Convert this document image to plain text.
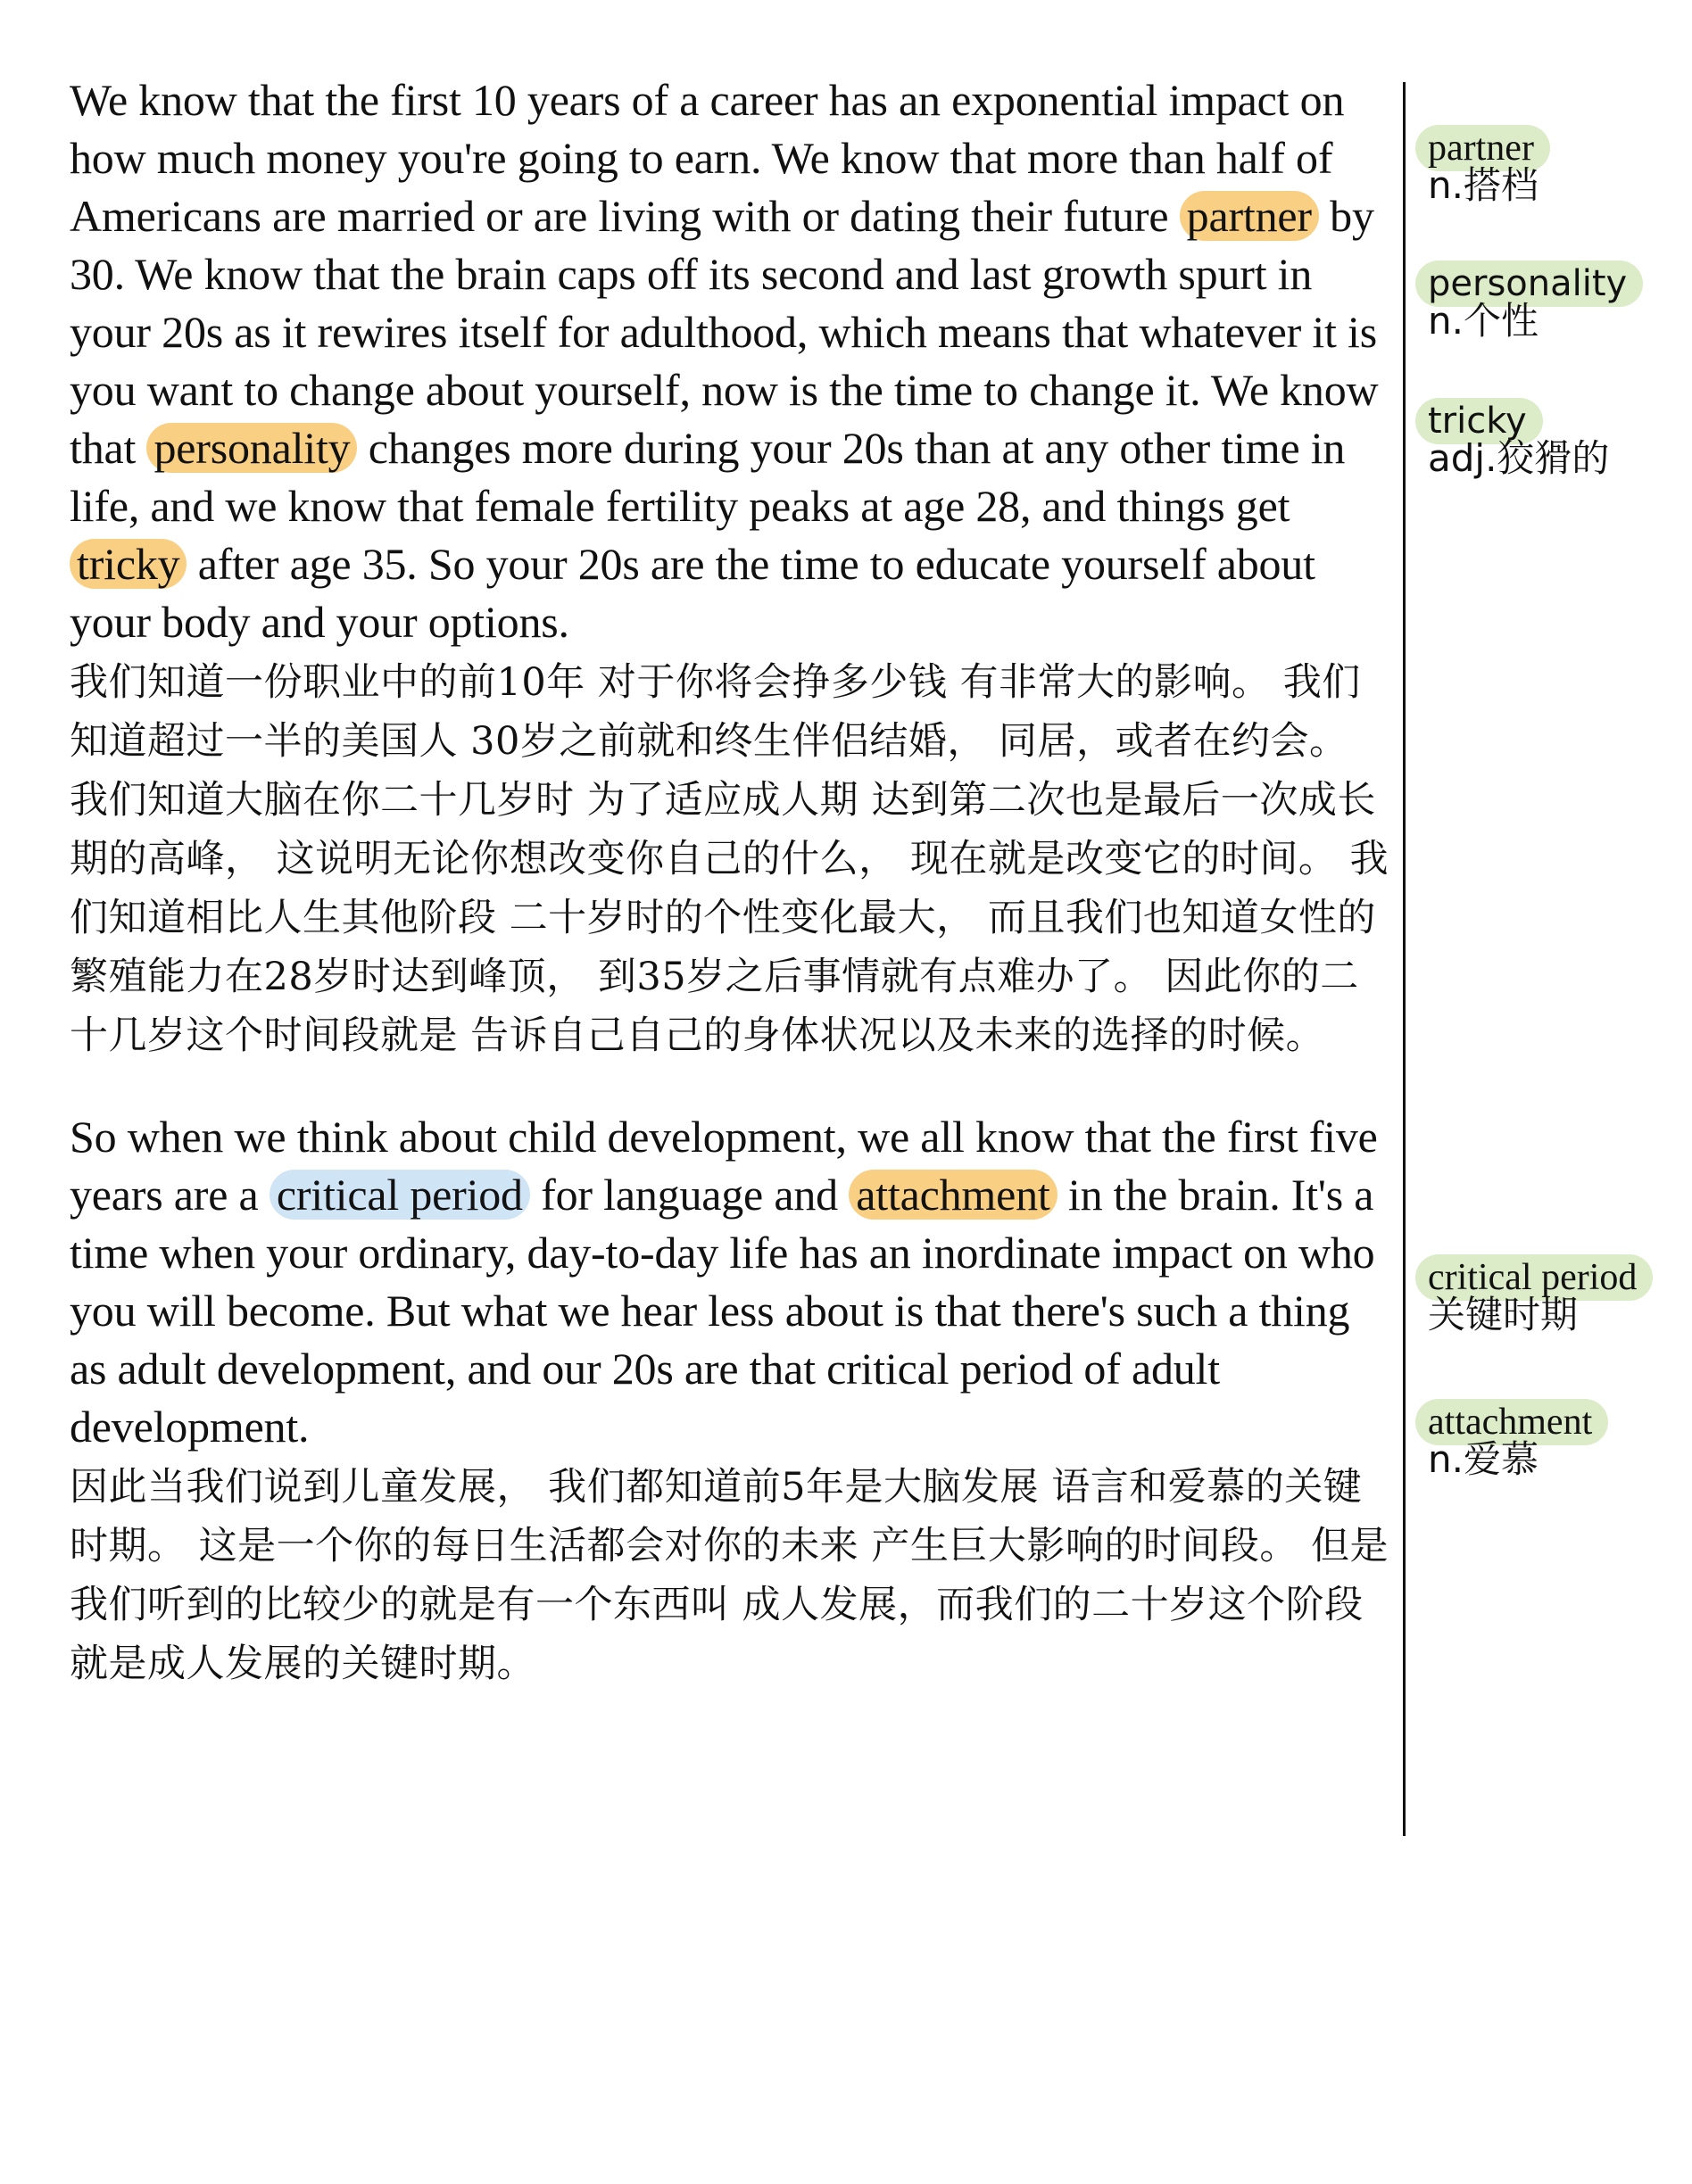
We know that the first 10 years of a career has an exponential impact on how much money you're going to earn. We know that more than half of Americans are married or are living with or dating their future partner by 30. We know that the brain caps off its second and last growth spurt in your 20s as it rewires itself for adulthood, which means that whatever it is you want to change about yourself, now is the time to change it. We know that personality changes more during your 20s than at any other time in life, and we know that female fertility peaks at age 28, and things get tricky after age 35. So your 20s are the time to educate yourself about your body and your options.

我们知道一份职业中的前10年 对于你将会挣多少钱 有非常大的影响。 我们知道超过一半的美国人 30岁之前就和终生伴侣结婚， 同居，或者在约会。 我们知道大脑在你二十几岁时 为了适应成人期 达到第二次也是最后一次成长期的高峰， 这说明无论你想改变你自己的什么， 现在就是改变它的时间。 我们知道相比人生其他阶段 二十岁时的个性变化最大， 而且我们也知道女性的繁殖能力在28岁时达到峰顶， 到35岁之后事情就有点难办了。 因此你的二十几岁这个时间段就是 告诉自己自己的身体状况以及未来的选择的时候。

So when we think about child development, we all know that the first five years are a critical period for language and attachment in the brain. It's a time when your ordinary, day-to-day life has an inordinate impact on who you will become. But what we hear less about is that there's such a thing as adult development, and our 20s are that critical period of adult development.

因此当我们说到儿童发展， 我们都知道前5年是大脑发展 语言和爱慕的关键时期。 这是一个你的每日生活都会对你的未来 产生巨大影响的时间段。 但是我们听到的比较少的就是有一个东西叫 成人发展，而我们的二十岁这个阶段 就是成人发展的关键时期。

partner
n.搭档
personality
n.个性
tricky
adj.狡猾的
critical period
关键时期
attachment
n.爱慕
